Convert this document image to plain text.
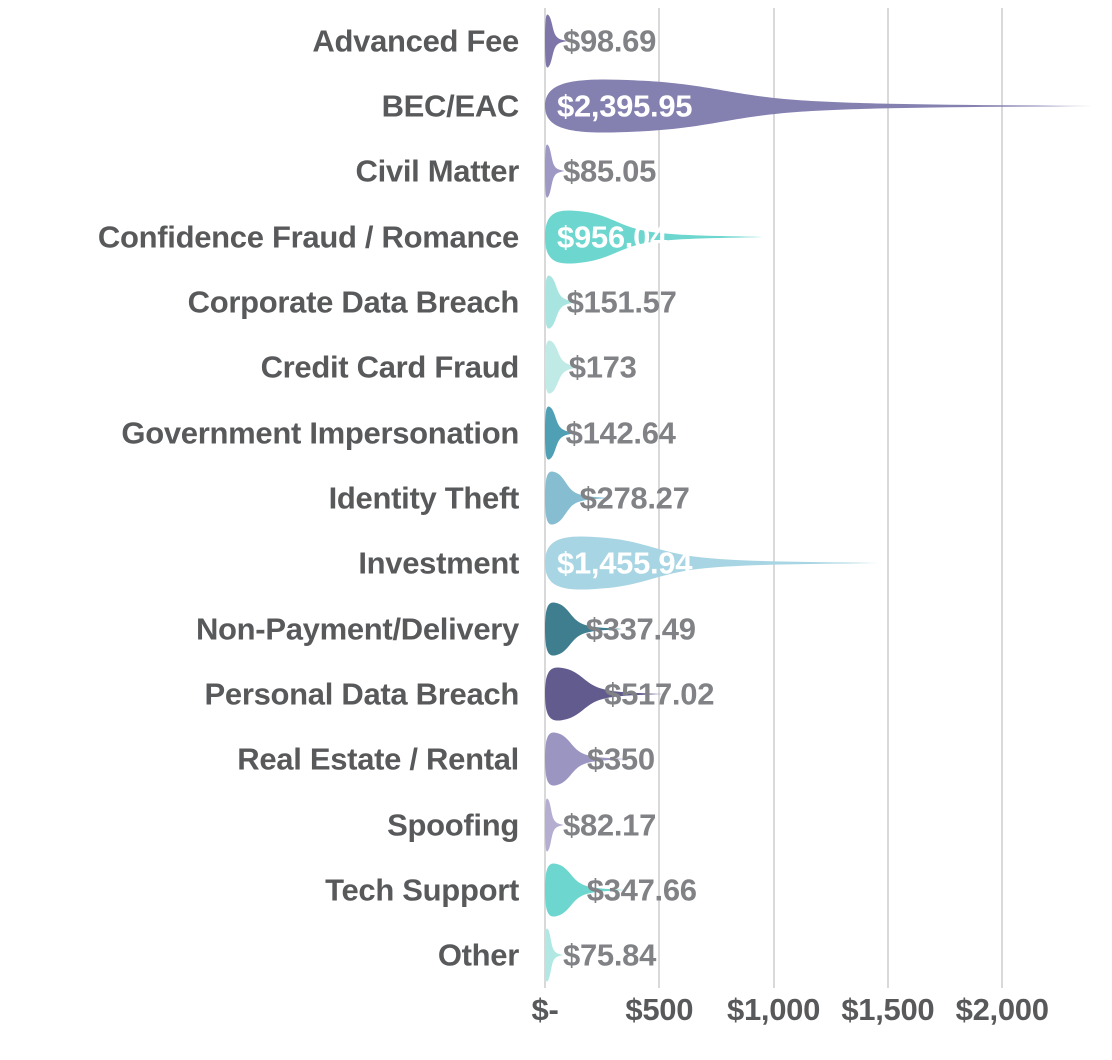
Advanced Fee $98.69
BEC/EAC $2,395.95
Civil Matter $85.05
Confidence Fraud / Romance $956.04
Corporate Data Breach $151.57
Credit Card Fraud $173
Government Impersonation $142.64
Identity Theft $278.27
Investment $1,455.94
Non-Payment/Delivery $337.49
Personal Data Breach	$517.02
Real Estate / Rental $350
Spoofing $82.17
Tech Support $347.66
Other $75.84
$- $500 $1,000 $1,500 $2,000
